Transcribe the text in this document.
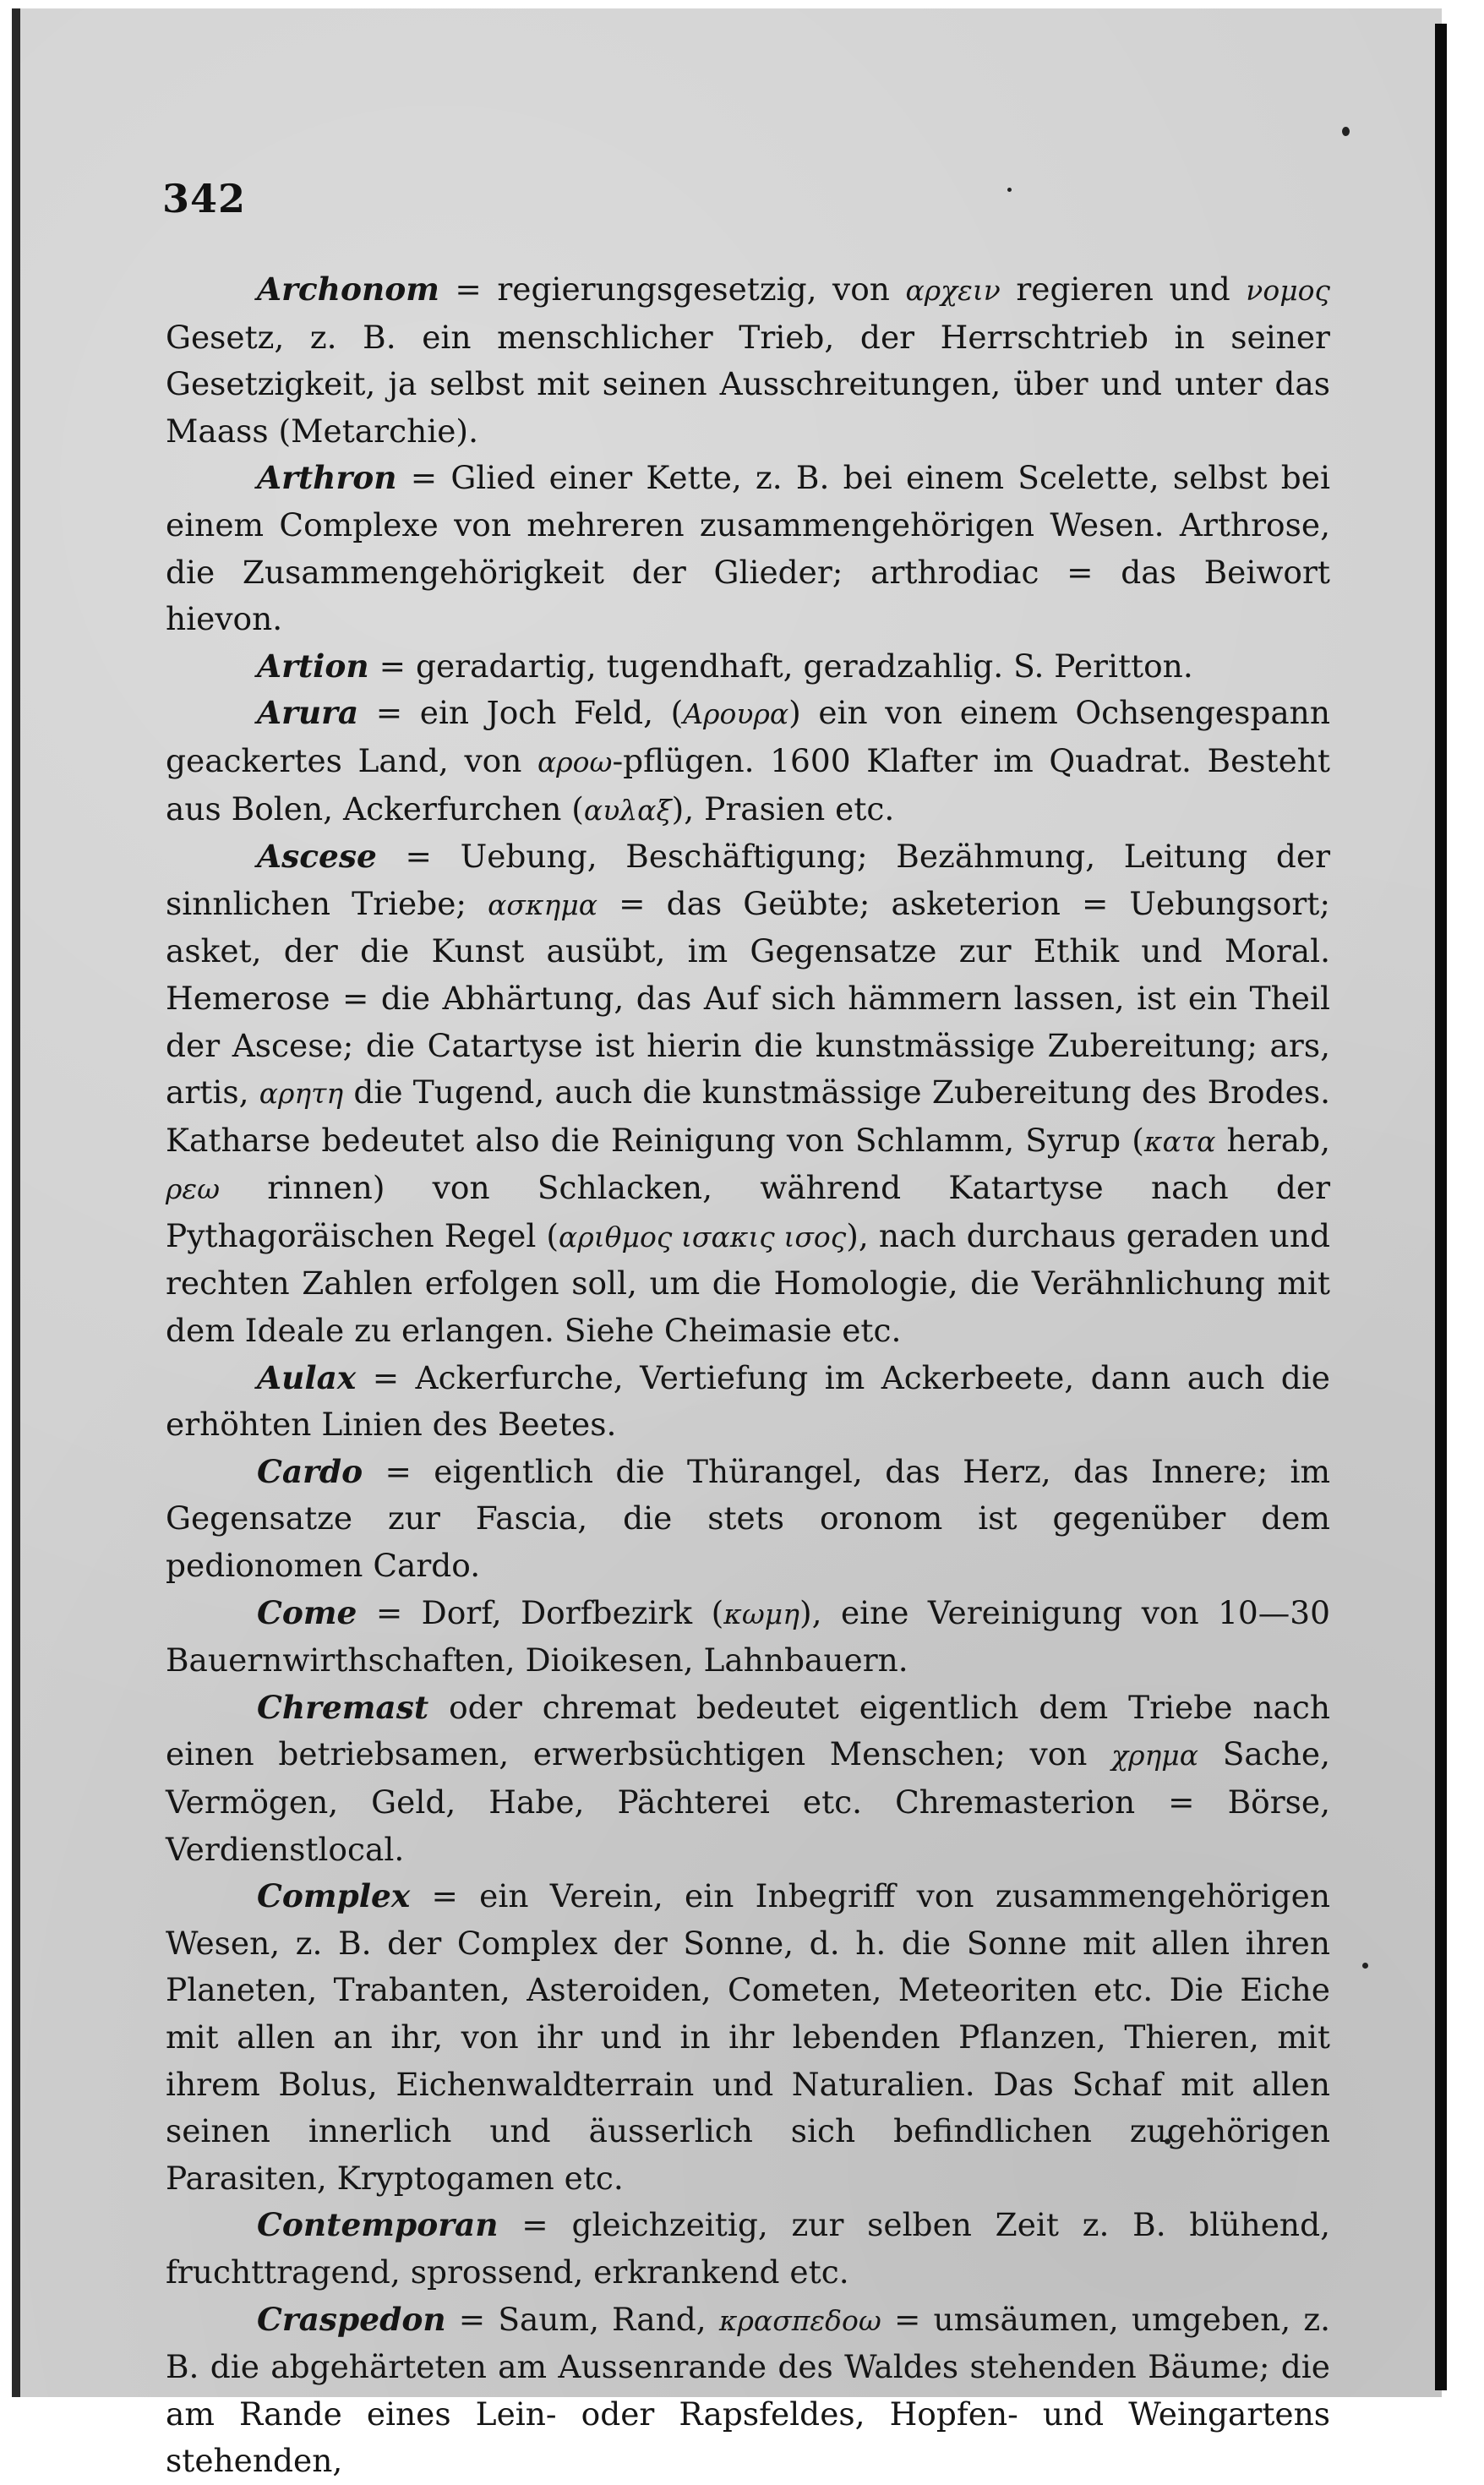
342

Archonom = regierungsgesetzig, von αρχειν regieren und νομος Gesetz, z. B. ein menschlicher Trieb, der Herrschtrieb in seiner Gesetzigkeit, ja selbst mit seinen Ausschreitungen, über und unter das Maass (Metarchie).

Arthron = Glied einer Kette, z. B. bei einem Scelette, selbst bei einem Complexe von mehreren zusammengehörigen Wesen. Arthrose, die Zusammengehörigkeit der Glieder; arthrodiac = das Beiwort hievon.

Artion = geradartig, tugendhaft, geradzahlig. S. Peritton.

Arura = ein Joch Feld, (Αρουρα) ein von einem Ochsengespann geackertes Land, von αροω-pflügen. 1600 Klafter im Quadrat. Besteht aus Bolen, Ackerfurchen (αυλαξ), Prasien etc.

Ascese = Uebung, Beschäftigung; Bezähmung, Leitung der sinnlichen Triebe; ασκημα = das Geübte; asketerion = Uebungsort; asket, der die Kunst ausübt, im Gegensatze zur Ethik und Moral. Hemerose = die Abhärtung, das Auf sich hämmern lassen, ist ein Theil der Ascese; die Catartyse ist hierin die kunstmässige Zubereitung; ars, artis, αρητη die Tugend, auch die kunstmässige Zubereitung des Brodes. Katharse bedeutet also die Reinigung von Schlamm, Syrup (κατα herab, ρεω rinnen) von Schlacken, während Katartyse nach der Pythagoräischen Regel (αριθμος ισακις ισος), nach durchaus geraden und rechten Zahlen erfolgen soll, um die Homologie, die Verähnlichung mit dem Ideale zu erlangen. Siehe Cheimasie etc.

Aulax = Ackerfurche, Vertiefung im Ackerbeete, dann auch die erhöhten Linien des Beetes.

Cardo = eigentlich die Thürangel, das Herz, das Innere; im Gegensatze zur Fascia, die stets oronom ist gegenüber dem pedionomen Cardo.

Come = Dorf, Dorfbezirk (κωμη), eine Vereinigung von 10—30 Bauernwirthschaften, Dioikesen, Lahnbauern.

Chremast oder chremat bedeutet eigentlich dem Triebe nach einen betriebsamen, erwerbsüchtigen Menschen; von χρημα Sache, Vermögen, Geld, Habe, Pächterei etc. Chremasterion = Börse, Verdienstlocal.

Complex = ein Verein, ein Inbegriff von zusammengehörigen Wesen, z. B. der Complex der Sonne, d. h. die Sonne mit allen ihren Planeten, Trabanten, Asteroiden, Cometen, Meteoriten etc. Die Eiche mit allen an ihr, von ihr und in ihr lebenden Pflanzen, Thieren, mit ihrem Bolus, Eichenwaldterrain und Naturalien. Das Schaf mit allen seinen innerlich und äusserlich sich befindlichen zugehörigen Parasiten, Kryptogamen etc.

Contemporan = gleichzeitig, zur selben Zeit z. B. blühend, fruchttragend, sprossend, erkrankend etc.

Craspedon = Saum, Rand, κρασπεδοω = umsäumen, umgeben, z. B. die abgehärteten am Aussenrande des Waldes stehenden Bäume; die am Rande eines Lein- oder Rapsfeldes, Hopfen- und Weingartens stehenden,
